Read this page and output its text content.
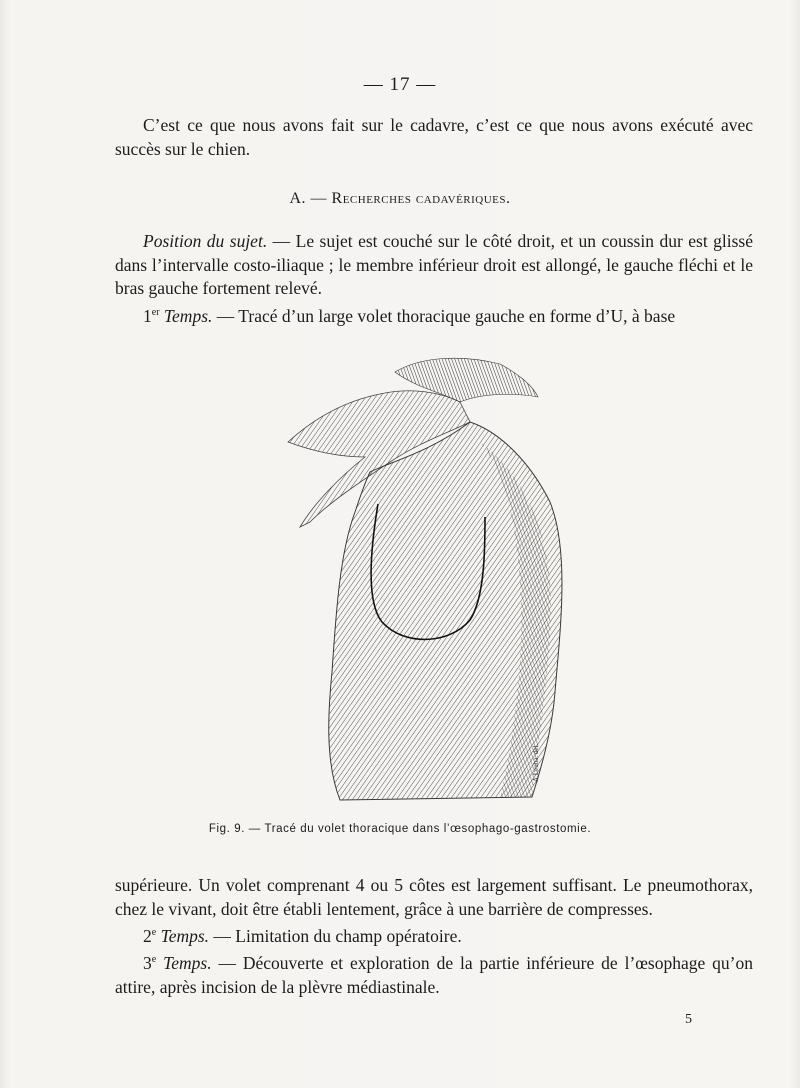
— 17 —

C’est ce que nous avons fait sur le cadavre, c’est ce que nous avons exécuté avec succès sur le chien.

A. — Recherches cadavériques.

Position du sujet. — Le sujet est couché sur le côté droit, et un coussin dur est glissé dans l’intervalle costo-iliaque ; le membre inférieur droit est allongé, le gauche fléchi et le bras gauche fortement relevé.

1er Temps. — Tracé d’un large volet thoracique gauche en forme d’U, à base

A.Leuba. del.
Fig. 9. — Tracé du volet thoracique dans l’œsophago-gastrostomie.

supérieure. Un volet comprenant 4 ou 5 côtes est largement suffisant. Le pneumothorax, chez le vivant, doit être établi lentement, grâce à une barrière de compresses.

2e Temps. — Limitation du champ opératoire.

3e Temps. — Découverte et exploration de la partie inférieure de l’œsophage qu’on attire, après incision de la plèvre médiastinale.

5
